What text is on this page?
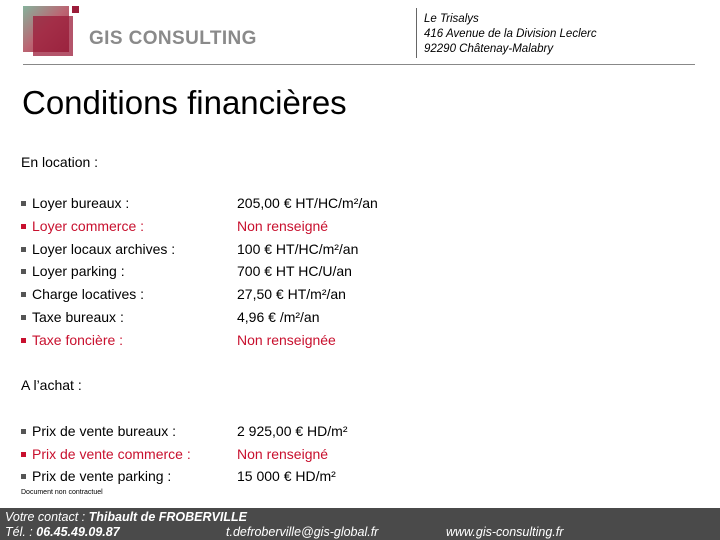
GIS CONSULTING
Le Trisalys
416 Avenue de la Division Leclerc
92290 Châtenay-Malabry
Conditions financières
En location :
Loyer bureaux :	205,00 € HT/HC/m²/an
Loyer commerce :	Non renseigné
Loyer locaux archives :	100 € HT/HC/m²/an
Loyer parking :	700 € HT HC/U/an
Charge locatives :	27,50 € HT/m²/an
Taxe bureaux :	4,96 € /m²/an
Taxe foncière :	Non renseignée
A l’achat :
Prix de vente bureaux :	2 925,00 € HD/m²
Prix de vente commerce :	Non renseigné
Prix de vente parking :	15 000 € HD/m²
Document non contractuel
Votre contact : Thibault de FROBERVILLE
Tél. : 06.45.49.09.87	t.defroberville@gis-global.fr	www.gis-consulting.fr
